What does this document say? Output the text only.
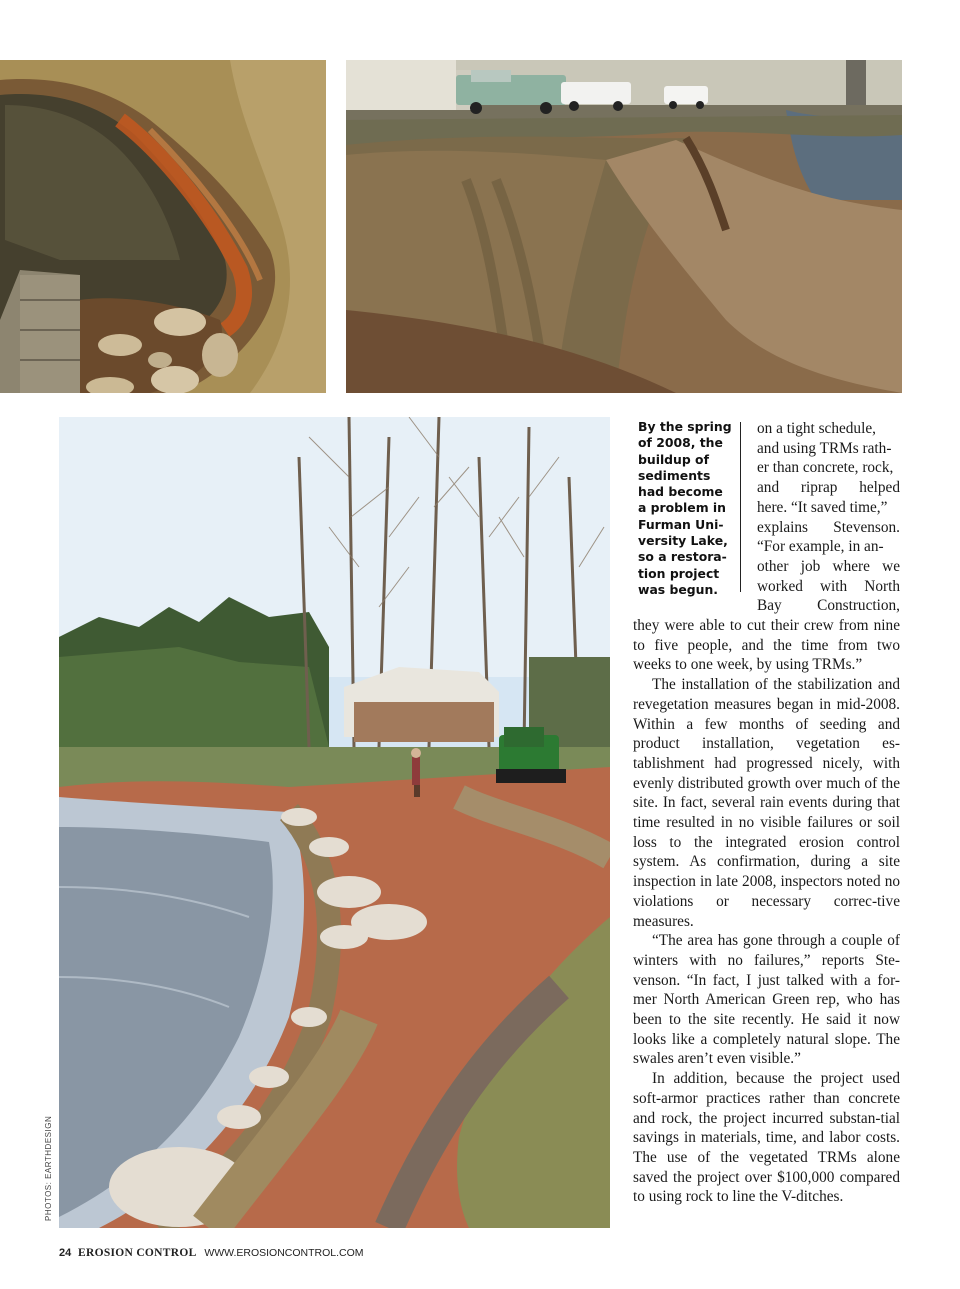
PHOTOS: EARTHDESIGN
By the spring
of 2008, the
buildup of
sediments
had become
a problem in
Furman Uni-
versity Lake,
so a restora-
tion project
was begun.
on a tight schedule,
and using TRMs rath-
er than concrete, rock,
and riprap helped
here. “It saved time,”
explains Stevenson.
“For example, in an-
other job where we
worked with North
Bay Construction,

they were able to cut their crew from nine to five people, and the time from two weeks to one week, by using TRMs.”

The installation of the stabilization and revegetation measures began in mid-2008. Within a few months of seeding and product installation, vegetation es-tablishment had progressed nicely, with evenly distributed growth over much of the site. In fact, several rain events during that time resulted in no visible failures or soil loss to the integrated erosion control system. As confirmation, during a site inspection in late 2008, inspectors noted no violations or necessary correc-tive measures.

“The area has gone through a couple of winters with no failures,” reports Ste-venson. “In fact, I just talked with a for-mer North American Green rep, who has been to the site recently. He said it now looks like a completely natural slope. The swales aren’t even visible.”

In addition, because the project used soft-armor practices rather than concrete and rock, the project incurred substan-tial savings in materials, time, and labor costs. The use of the vegetated TRMs alone saved the project over $100,000 compared to using rock to line the V-ditches.

24 EROSION CONTROL WWW.EROSIONCONTROL.COM
